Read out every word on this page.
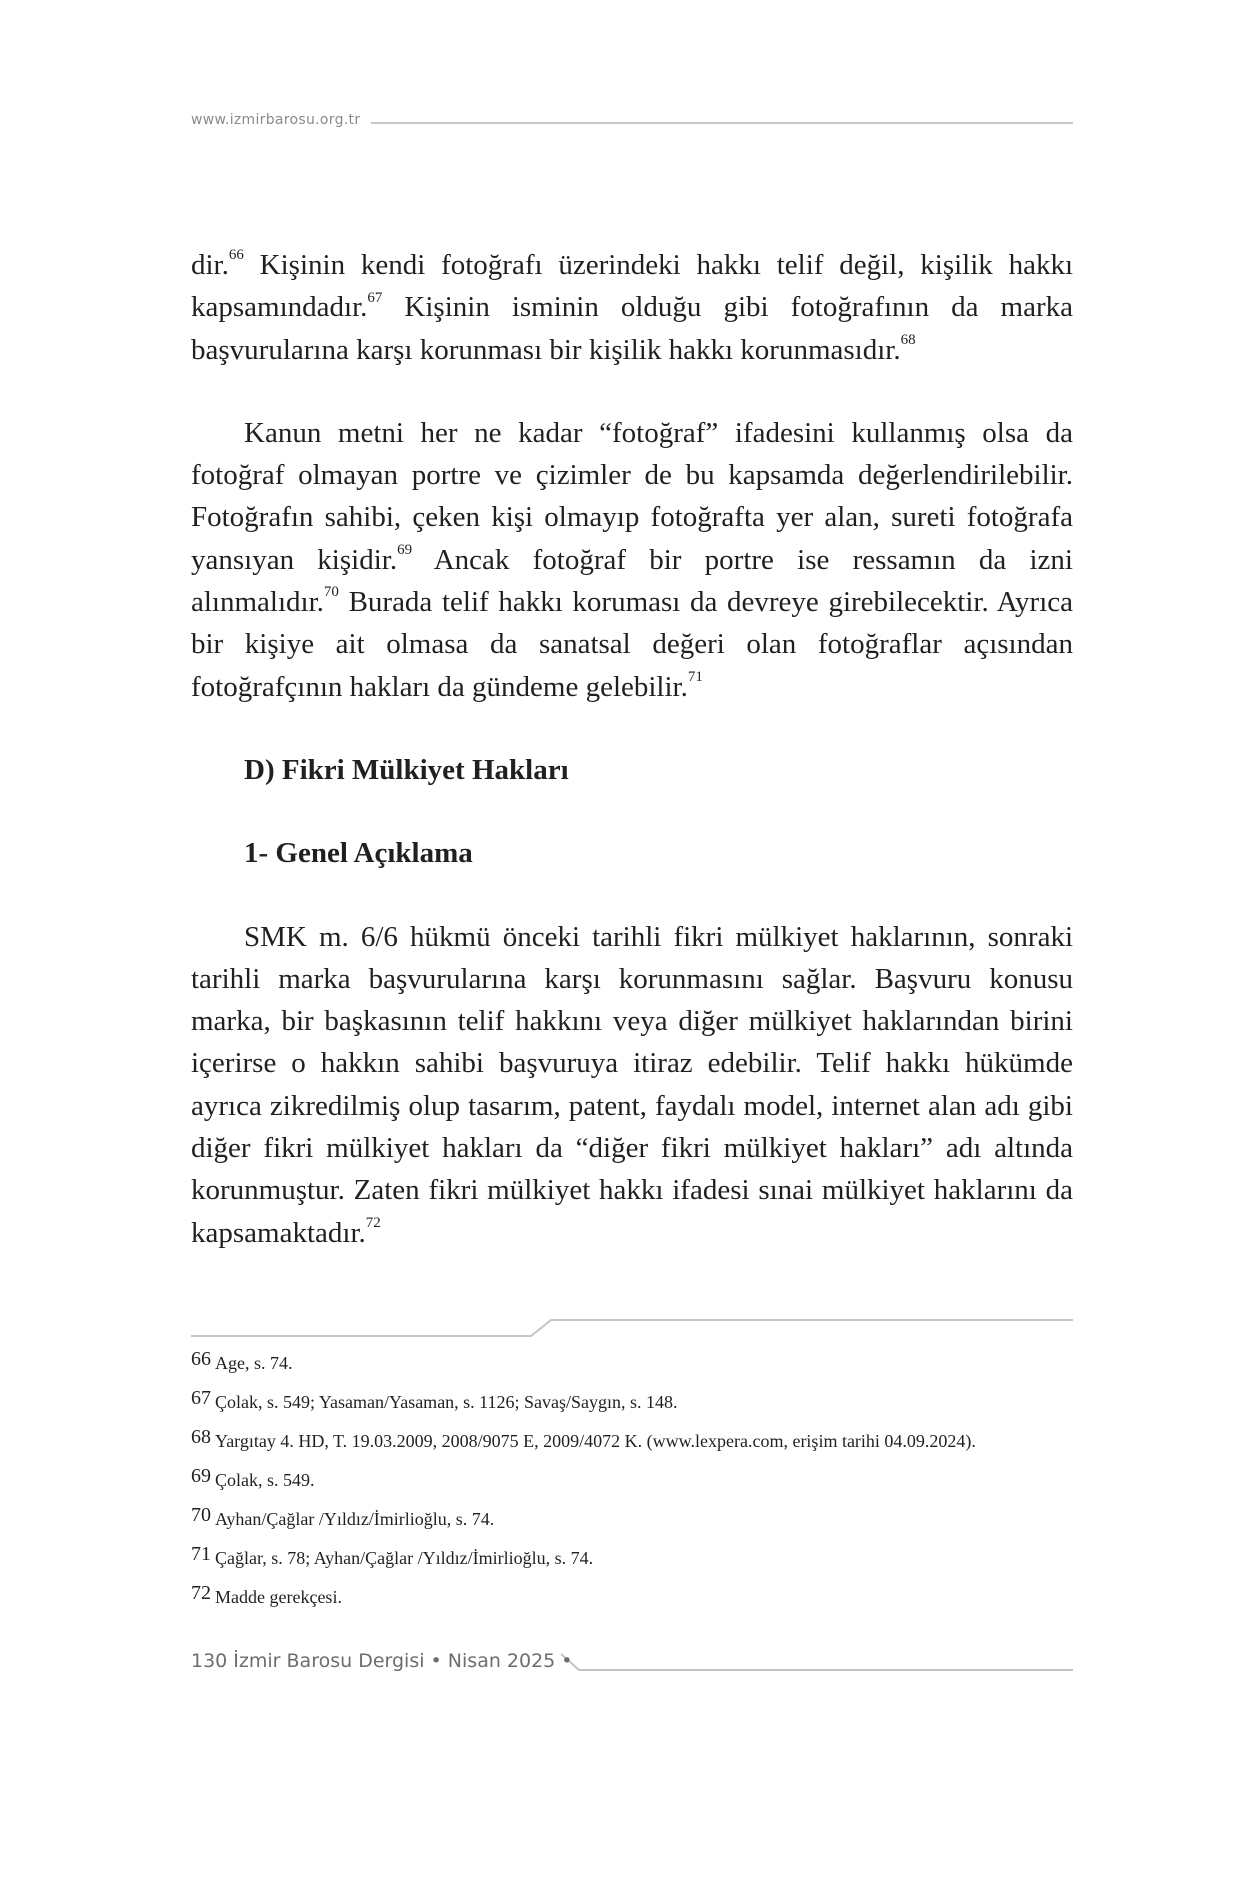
www.izmirbarosu.org.tr

dir.$^{66}$ Kişinin kendi fotoğrafı üzerindeki hakkı telif değil, kişilik hakkı kapsamındadır.$^{67}$ Kişinin isminin olduğu gibi fotoğrafının da marka başvurularına karşı korunması bir kişilik hakkı korunmasıdır.$^{68}$

Kanun metni her ne kadar “fotoğraf” ifadesini kullanmış olsa da fotoğraf olmayan portre ve çizimler de bu kapsamda değerlendirilebilir. Fotoğrafın sahibi, çeken kişi olmayıp fotoğrafta yer alan, sureti fotoğrafa yansıyan kişidir.$^{69}$ Ancak fotoğraf bir portre ise ressamın da izni alınmalıdır.$^{70}$ Burada telif hakkı koruması da devreye girebilecektir. Ayrıca bir kişiye ait olmasa da sanatsal değeri olan fotoğraflar açısından fotoğrafçının hakları da gündeme gelebilir.$^{71}$

D) Fikri Mülkiyet Hakları

1- Genel Açıklama

SMK m. 6/6 hükmü önceki tarihli fikri mülkiyet haklarının, sonraki tarihli marka başvurularına karşı korunmasını sağlar. Başvuru konusu marka, bir başkasının telif hakkını veya diğer mülkiyet haklarından birini içerirse o hakkın sahibi başvuruya itiraz edebilir. Telif hakkı hükümde ayrıca zikredilmiş olup tasarım, patent, faydalı model, internet alan adı gibi diğer fikri mülkiyet hakları da “diğer fikri mülkiyet hakları” adı altında korunmuştur. Zaten fikri mülkiyet hakkı ifadesi sınai mülkiyet haklarını da kapsamaktadır.$^{72}$

66 Age, s. 74.
67 Çolak, s. 549; Yasaman/Yasaman, s. 1126; Savaş/Saygın, s. 148.
68 Yargıtay 4. HD, T. 19.03.2009, 2008/9075 E, 2009/4072 K. (www.lexpera.com, erişim tarihi 04.09.2024).
69 Çolak, s. 549.
70 Ayhan/Çağlar /Yıldız/İmirlioğlu, s. 74.
71 Çağlar, s. 78; Ayhan/Çağlar /Yıldız/İmirlioğlu, s. 74.
72 Madde gerekçesi.
130 İzmir Barosu Dergisi • Nisan 2025 •
